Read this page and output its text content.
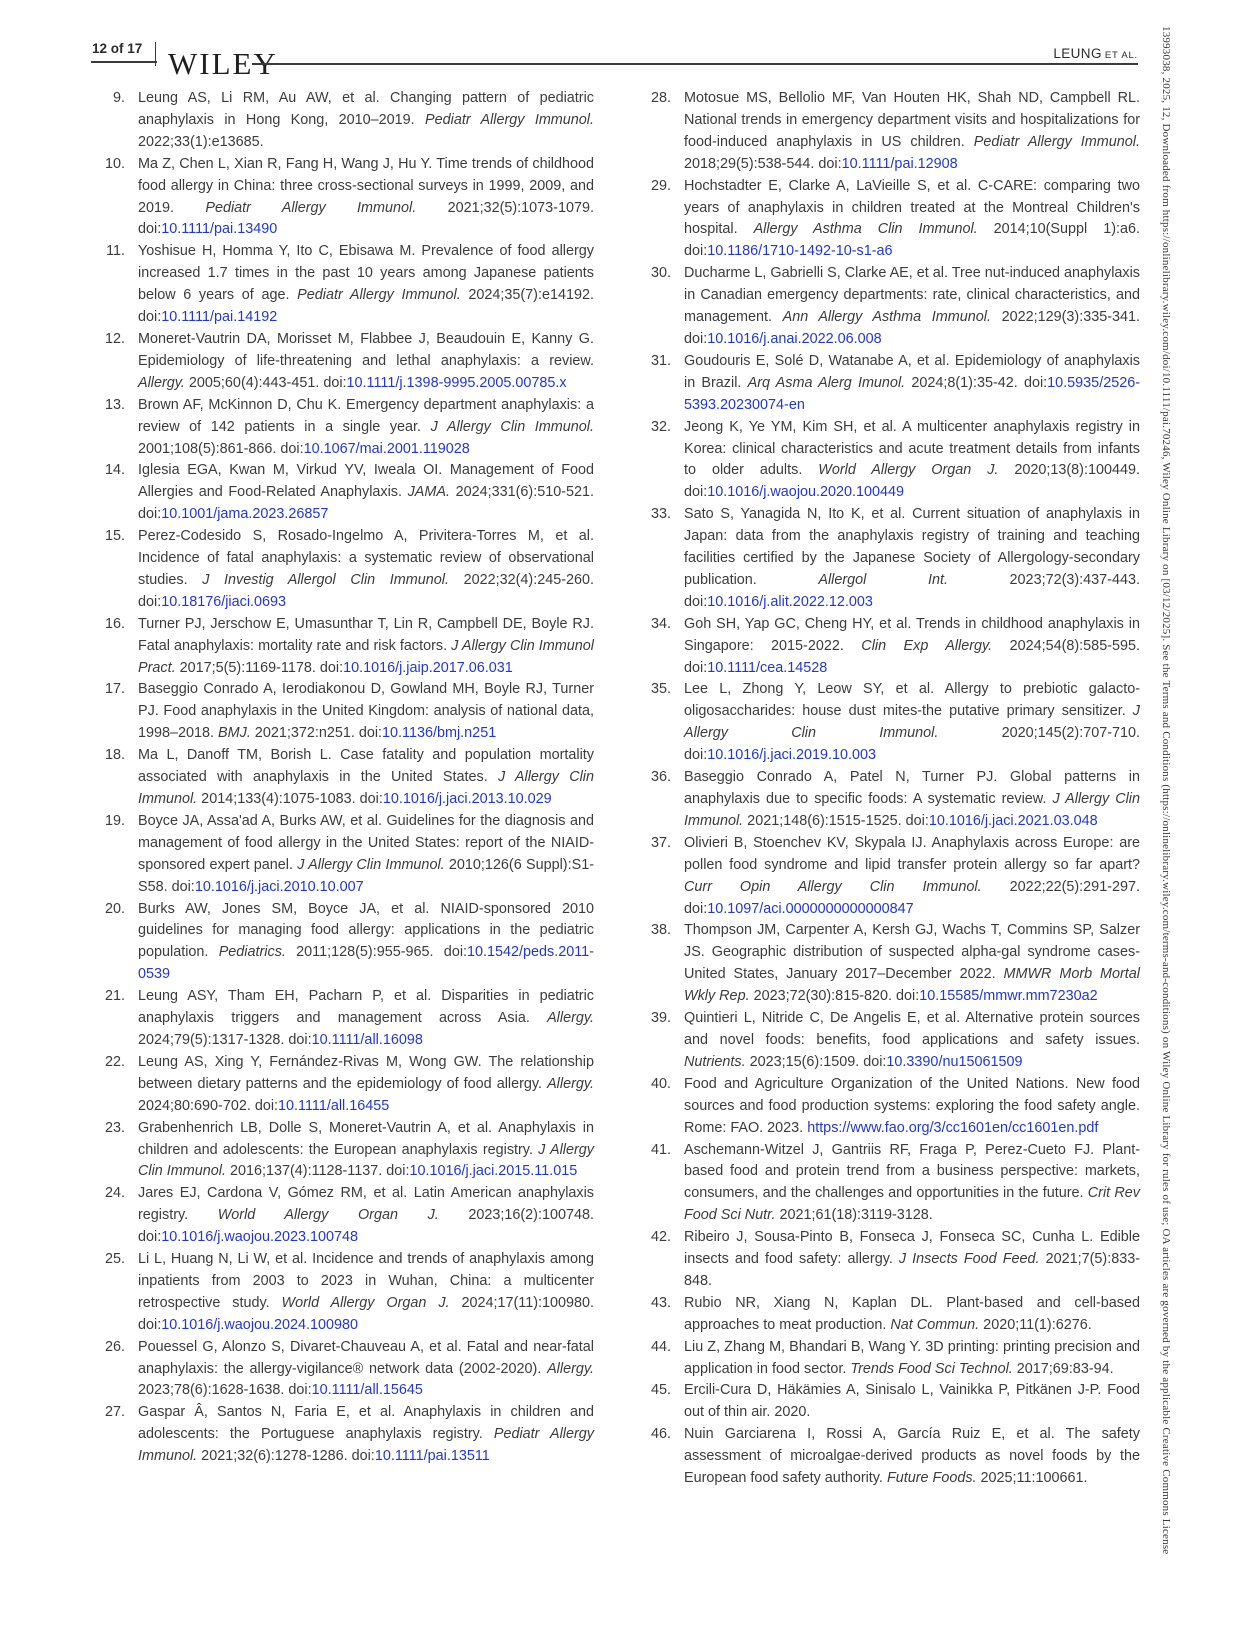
12 of 17 WILEY	LEUNG ET AL.
9. Leung AS, Li RM, Au AW, et al. Changing pattern of pediatric anaphylaxis in Hong Kong, 2010–2019. Pediatr Allergy Immunol. 2022;33(1):e13685.
10. Ma Z, Chen L, Xian R, Fang H, Wang J, Hu Y. Time trends of childhood food allergy in China: three cross-sectional surveys in 1999, 2009, and 2019. Pediatr Allergy Immunol. 2021;32(5):1073-1079. doi:10.1111/pai.13490
11. Yoshisue H, Homma Y, Ito C, Ebisawa M. Prevalence of food allergy increased 1.7 times in the past 10 years among Japanese patients below 6 years of age. Pediatr Allergy Immunol. 2024;35(7):e14192. doi:10.1111/pai.14192
12. Moneret-Vautrin DA, Morisset M, Flabbee J, Beaudouin E, Kanny G. Epidemiology of life-threatening and lethal anaphylaxis: a review. Allergy. 2005;60(4):443-451. doi:10.1111/j.1398-9995.2005.00785.x
13. Brown AF, McKinnon D, Chu K. Emergency department anaphylaxis: a review of 142 patients in a single year. J Allergy Clin Immunol. 2001;108(5):861-866. doi:10.1067/mai.2001.119028
14. Iglesia EGA, Kwan M, Virkud YV, Iweala OI. Management of Food Allergies and Food-Related Anaphylaxis. JAMA. 2024;331(6):510-521. doi:10.1001/jama.2023.26857
15. Perez-Codesido S, Rosado-Ingelmo A, Privitera-Torres M, et al. Incidence of fatal anaphylaxis: a systematic review of observational studies. J Investig Allergol Clin Immunol. 2022;32(4):245-260. doi:10.18176/jiaci.0693
16. Turner PJ, Jerschow E, Umasunthar T, Lin R, Campbell DE, Boyle RJ. Fatal anaphylaxis: mortality rate and risk factors. J Allergy Clin Immunol Pract. 2017;5(5):1169-1178. doi:10.1016/j.jaip.2017.06.031
17. Baseggio Conrado A, Ierodiakonou D, Gowland MH, Boyle RJ, Turner PJ. Food anaphylaxis in the United Kingdom: analysis of national data, 1998–2018. BMJ. 2021;372:n251. doi:10.1136/bmj.n251
18. Ma L, Danoff TM, Borish L. Case fatality and population mortality associated with anaphylaxis in the United States. J Allergy Clin Immunol. 2014;133(4):1075-1083. doi:10.1016/j.jaci.2013.10.029
19. Boyce JA, Assa'ad A, Burks AW, et al. Guidelines for the diagnosis and management of food allergy in the United States: report of the NIAID-sponsored expert panel. J Allergy Clin Immunol. 2010;126(6 Suppl):S1-S58. doi:10.1016/j.jaci.2010.10.007
20. Burks AW, Jones SM, Boyce JA, et al. NIAID-sponsored 2010 guidelines for managing food allergy: applications in the pediatric population. Pediatrics. 2011;128(5):955-965. doi:10.1542/peds.2011-0539
21. Leung ASY, Tham EH, Pacharn P, et al. Disparities in pediatric anaphylaxis triggers and management across Asia. Allergy. 2024;79(5):1317-1328. doi:10.1111/all.16098
22. Leung AS, Xing Y, Fernández-Rivas M, Wong GW. The relationship between dietary patterns and the epidemiology of food allergy. Allergy. 2024;80:690-702. doi:10.1111/all.16455
23. Grabenhenrich LB, Dolle S, Moneret-Vautrin A, et al. Anaphylaxis in children and adolescents: the European anaphylaxis registry. J Allergy Clin Immunol. 2016;137(4):1128-1137. doi:10.1016/j.jaci.2015.11.015
24. Jares EJ, Cardona V, Gómez RM, et al. Latin American anaphylaxis registry. World Allergy Organ J. 2023;16(2):100748. doi:10.1016/j.waojou.2023.100748
25. Li L, Huang N, Li W, et al. Incidence and trends of anaphylaxis among inpatients from 2003 to 2023 in Wuhan, China: a multicenter retrospective study. World Allergy Organ J. 2024;17(11):100980. doi:10.1016/j.waojou.2024.100980
26. Pouessel G, Alonzo S, Divaret-Chauveau A, et al. Fatal and near-fatal anaphylaxis: the allergy-vigilance® network data (2002-2020). Allergy. 2023;78(6):1628-1638. doi:10.1111/all.15645
27. Gaspar Â, Santos N, Faria E, et al. Anaphylaxis in children and adolescents: the Portuguese anaphylaxis registry. Pediatr Allergy Immunol. 2021;32(6):1278-1286. doi:10.1111/pai.13511
28. Motosue MS, Bellolio MF, Van Houten HK, Shah ND, Campbell RL. National trends in emergency department visits and hospitalizations for food-induced anaphylaxis in US children. Pediatr Allergy Immunol. 2018;29(5):538-544. doi:10.1111/pai.12908
29. Hochstadter E, Clarke A, LaVieille S, et al. C-CARE: comparing two years of anaphylaxis in children treated at the Montreal Children's hospital. Allergy Asthma Clin Immunol. 2014;10(Suppl 1):a6. doi:10.1186/1710-1492-10-s1-a6
30. Ducharme L, Gabrielli S, Clarke AE, et al. Tree nut-induced anaphylaxis in Canadian emergency departments: rate, clinical characteristics, and management. Ann Allergy Asthma Immunol. 2022;129(3):335-341. doi:10.1016/j.anai.2022.06.008
31. Goudouris E, Solé D, Watanabe A, et al. Epidemiology of anaphylaxis in Brazil. Arq Asma Alerg Imunol. 2024;8(1):35-42. doi:10.5935/2526-5393.20230074-en
32. Jeong K, Ye YM, Kim SH, et al. A multicenter anaphylaxis registry in Korea: clinical characteristics and acute treatment details from infants to older adults. World Allergy Organ J. 2020;13(8):100449. doi:10.1016/j.waojou.2020.100449
33. Sato S, Yanagida N, Ito K, et al. Current situation of anaphylaxis in Japan: data from the anaphylaxis registry of training and teaching facilities certified by the Japanese Society of Allergology-secondary publication. Allergol Int. 2023;72(3):437-443. doi:10.1016/j.alit.2022.12.003
34. Goh SH, Yap GC, Cheng HY, et al. Trends in childhood anaphylaxis in Singapore: 2015-2022. Clin Exp Allergy. 2024;54(8):585-595. doi:10.1111/cea.14528
35. Lee L, Zhong Y, Leow SY, et al. Allergy to prebiotic galacto-oligosaccharides: house dust mites-the putative primary sensitizer. J Allergy Clin Immunol. 2020;145(2):707-710. doi:10.1016/j.jaci.2019.10.003
36. Baseggio Conrado A, Patel N, Turner PJ. Global patterns in anaphylaxis due to specific foods: A systematic review. J Allergy Clin Immunol. 2021;148(6):1515-1525. doi:10.1016/j.jaci.2021.03.048
37. Olivieri B, Stoenchev KV, Skypala IJ. Anaphylaxis across Europe: are pollen food syndrome and lipid transfer protein allergy so far apart? Curr Opin Allergy Clin Immunol. 2022;22(5):291-297. doi:10.1097/aci.0000000000000847
38. Thompson JM, Carpenter A, Kersh GJ, Wachs T, Commins SP, Salzer JS. Geographic distribution of suspected alpha-gal syndrome cases-United States, January 2017–December 2022. MMWR Morb Mortal Wkly Rep. 2023;72(30):815-820. doi:10.15585/mmwr.mm7230a2
39. Quintieri L, Nitride C, De Angelis E, et al. Alternative protein sources and novel foods: benefits, food applications and safety issues. Nutrients. 2023;15(6):1509. doi:10.3390/nu15061509
40. Food and Agriculture Organization of the United Nations. New food sources and food production systems: exploring the food safety angle. Rome: FAO. 2023. https://www.fao.org/3/cc1601en/cc1601en.pdf
41. Aschemann-Witzel J, Gantriis RF, Fraga P, Perez-Cueto FJ. Plant-based food and protein trend from a business perspective: markets, consumers, and the challenges and opportunities in the future. Crit Rev Food Sci Nutr. 2021;61(18):3119-3128.
42. Ribeiro J, Sousa-Pinto B, Fonseca J, Fonseca SC, Cunha L. Edible insects and food safety: allergy. J Insects Food Feed. 2021;7(5):833-848.
43. Rubio NR, Xiang N, Kaplan DL. Plant-based and cell-based approaches to meat production. Nat Commun. 2020;11(1):6276.
44. Liu Z, Zhang M, Bhandari B, Wang Y. 3D printing: printing precision and application in food sector. Trends Food Sci Technol. 2017;69:83-94.
45. Ercili-Cura D, Häkämies A, Sinisalo L, Vainikka P, Pitkänen J-P. Food out of thin air. 2020.
46. Nuin Garciarena I, Rossi A, García Ruiz E, et al. The safety assessment of microalgae-derived products as novel foods by the European food safety authority. Future Foods. 2025;11:100661.	13993038, 2025, 12, Downloaded from https://onlinelibrary.wiley.com/doi/10.1111/pai.70246, Wiley Online Library on [03/12/2025]. See the Terms and Conditions (https://onlinelibrary.wiley.com/terms-and-conditions) on Wiley Online Library for rules of use; OA articles are governed by the applicable Creative Commons License
